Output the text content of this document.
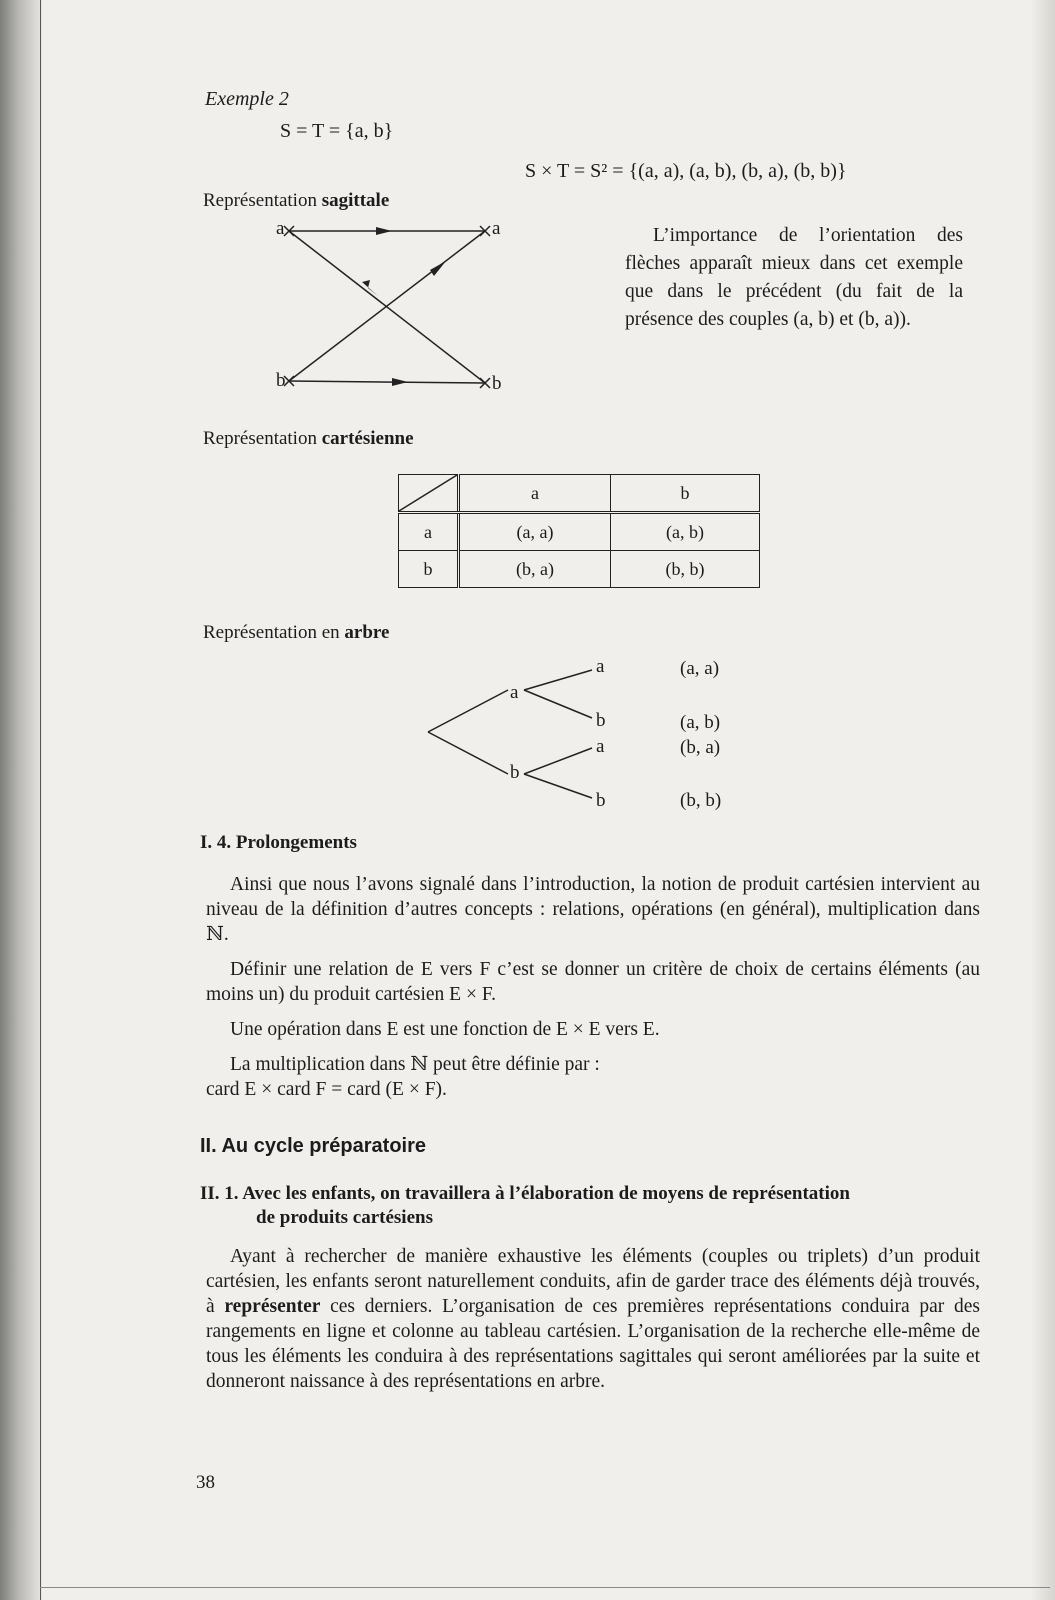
Exemple 2
S = T = {a, b}
S × T = S² = {(a, a), (a, b), (b, a), (b, b)}
Représentation sagittale
a
b
a
b

L’importance de l’orientation des flèches apparaît mieux dans cet exemple que dans le précédent (du fait de la présence des couples (a, b) et (b, a)).

Représentation cartésienne
	a	b
a	(a, a)	(a, b)
b	(b, a)	(b, b)
Représentation en arbre
a
b
a
b
a
b
(a, a)
(a, b)
(b, a)
(b, b)
I. 4. Prolongements

Ainsi que nous l’avons signalé dans l’introduction, la notion de produit cartésien intervient au niveau de la définition d’autres concepts : relations, opérations (en général), multiplication dans ℕ.

Définir une relation de E vers F c’est se donner un critère de choix de certains éléments (au moins un) du produit cartésien E × F.

Une opération dans E est une fonction de E × E vers E.

La multiplication dans ℕ peut être définie par :

card E × card F = card (E × F).

II. Au cycle préparatoire
II. 1. Avec les enfants, on travaillera à l’élaboration de moyens de représentation
de produits cartésiens

Ayant à rechercher de manière exhaustive les éléments (couples ou triplets) d’un produit cartésien, les enfants seront naturellement conduits, afin de garder trace des éléments déjà trouvés, à représenter ces derniers. L’organisation de ces premières représentations conduira par des rangements en ligne et colonne au tableau cartésien. L’organisation de la recherche elle-même de tous les éléments les conduira à des représentations sagittales qui seront améliorées par la suite et donneront naissance à des représentations en arbre.

38
